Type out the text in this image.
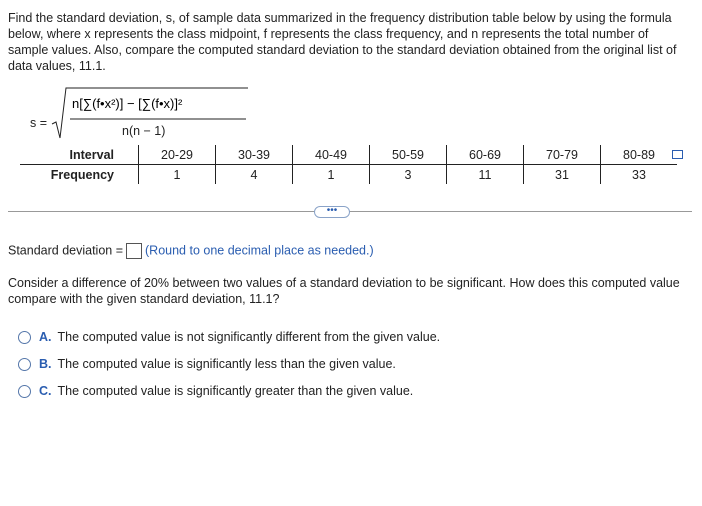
Find the standard deviation, s, of sample data summarized in the frequency distribution table below by using the formula below, where x represents the class midpoint, f represents the class frequency, and n represents the total number of sample values. Also, compare the computed standard deviation to the standard deviation obtained from the original list of data values, 11.1.
s =
n[∑(f•x²)] − [∑(f•x)]²
n(n − 1)
Interval	20-29	30-39	40-49	50-59	60-69	70-79	80-89
Frequency	1	4	1	3	11	31	33
•••
Standard deviation = (Round to one decimal place as needed.)
Consider a difference of 20% between two values of a standard deviation to be significant. How does this computed value compare with the given standard deviation, 11.1?
A. The computed value is not significantly different from the given value.
B. The computed value is significantly less than the given value.
C. The computed value is significantly greater than the given value.
